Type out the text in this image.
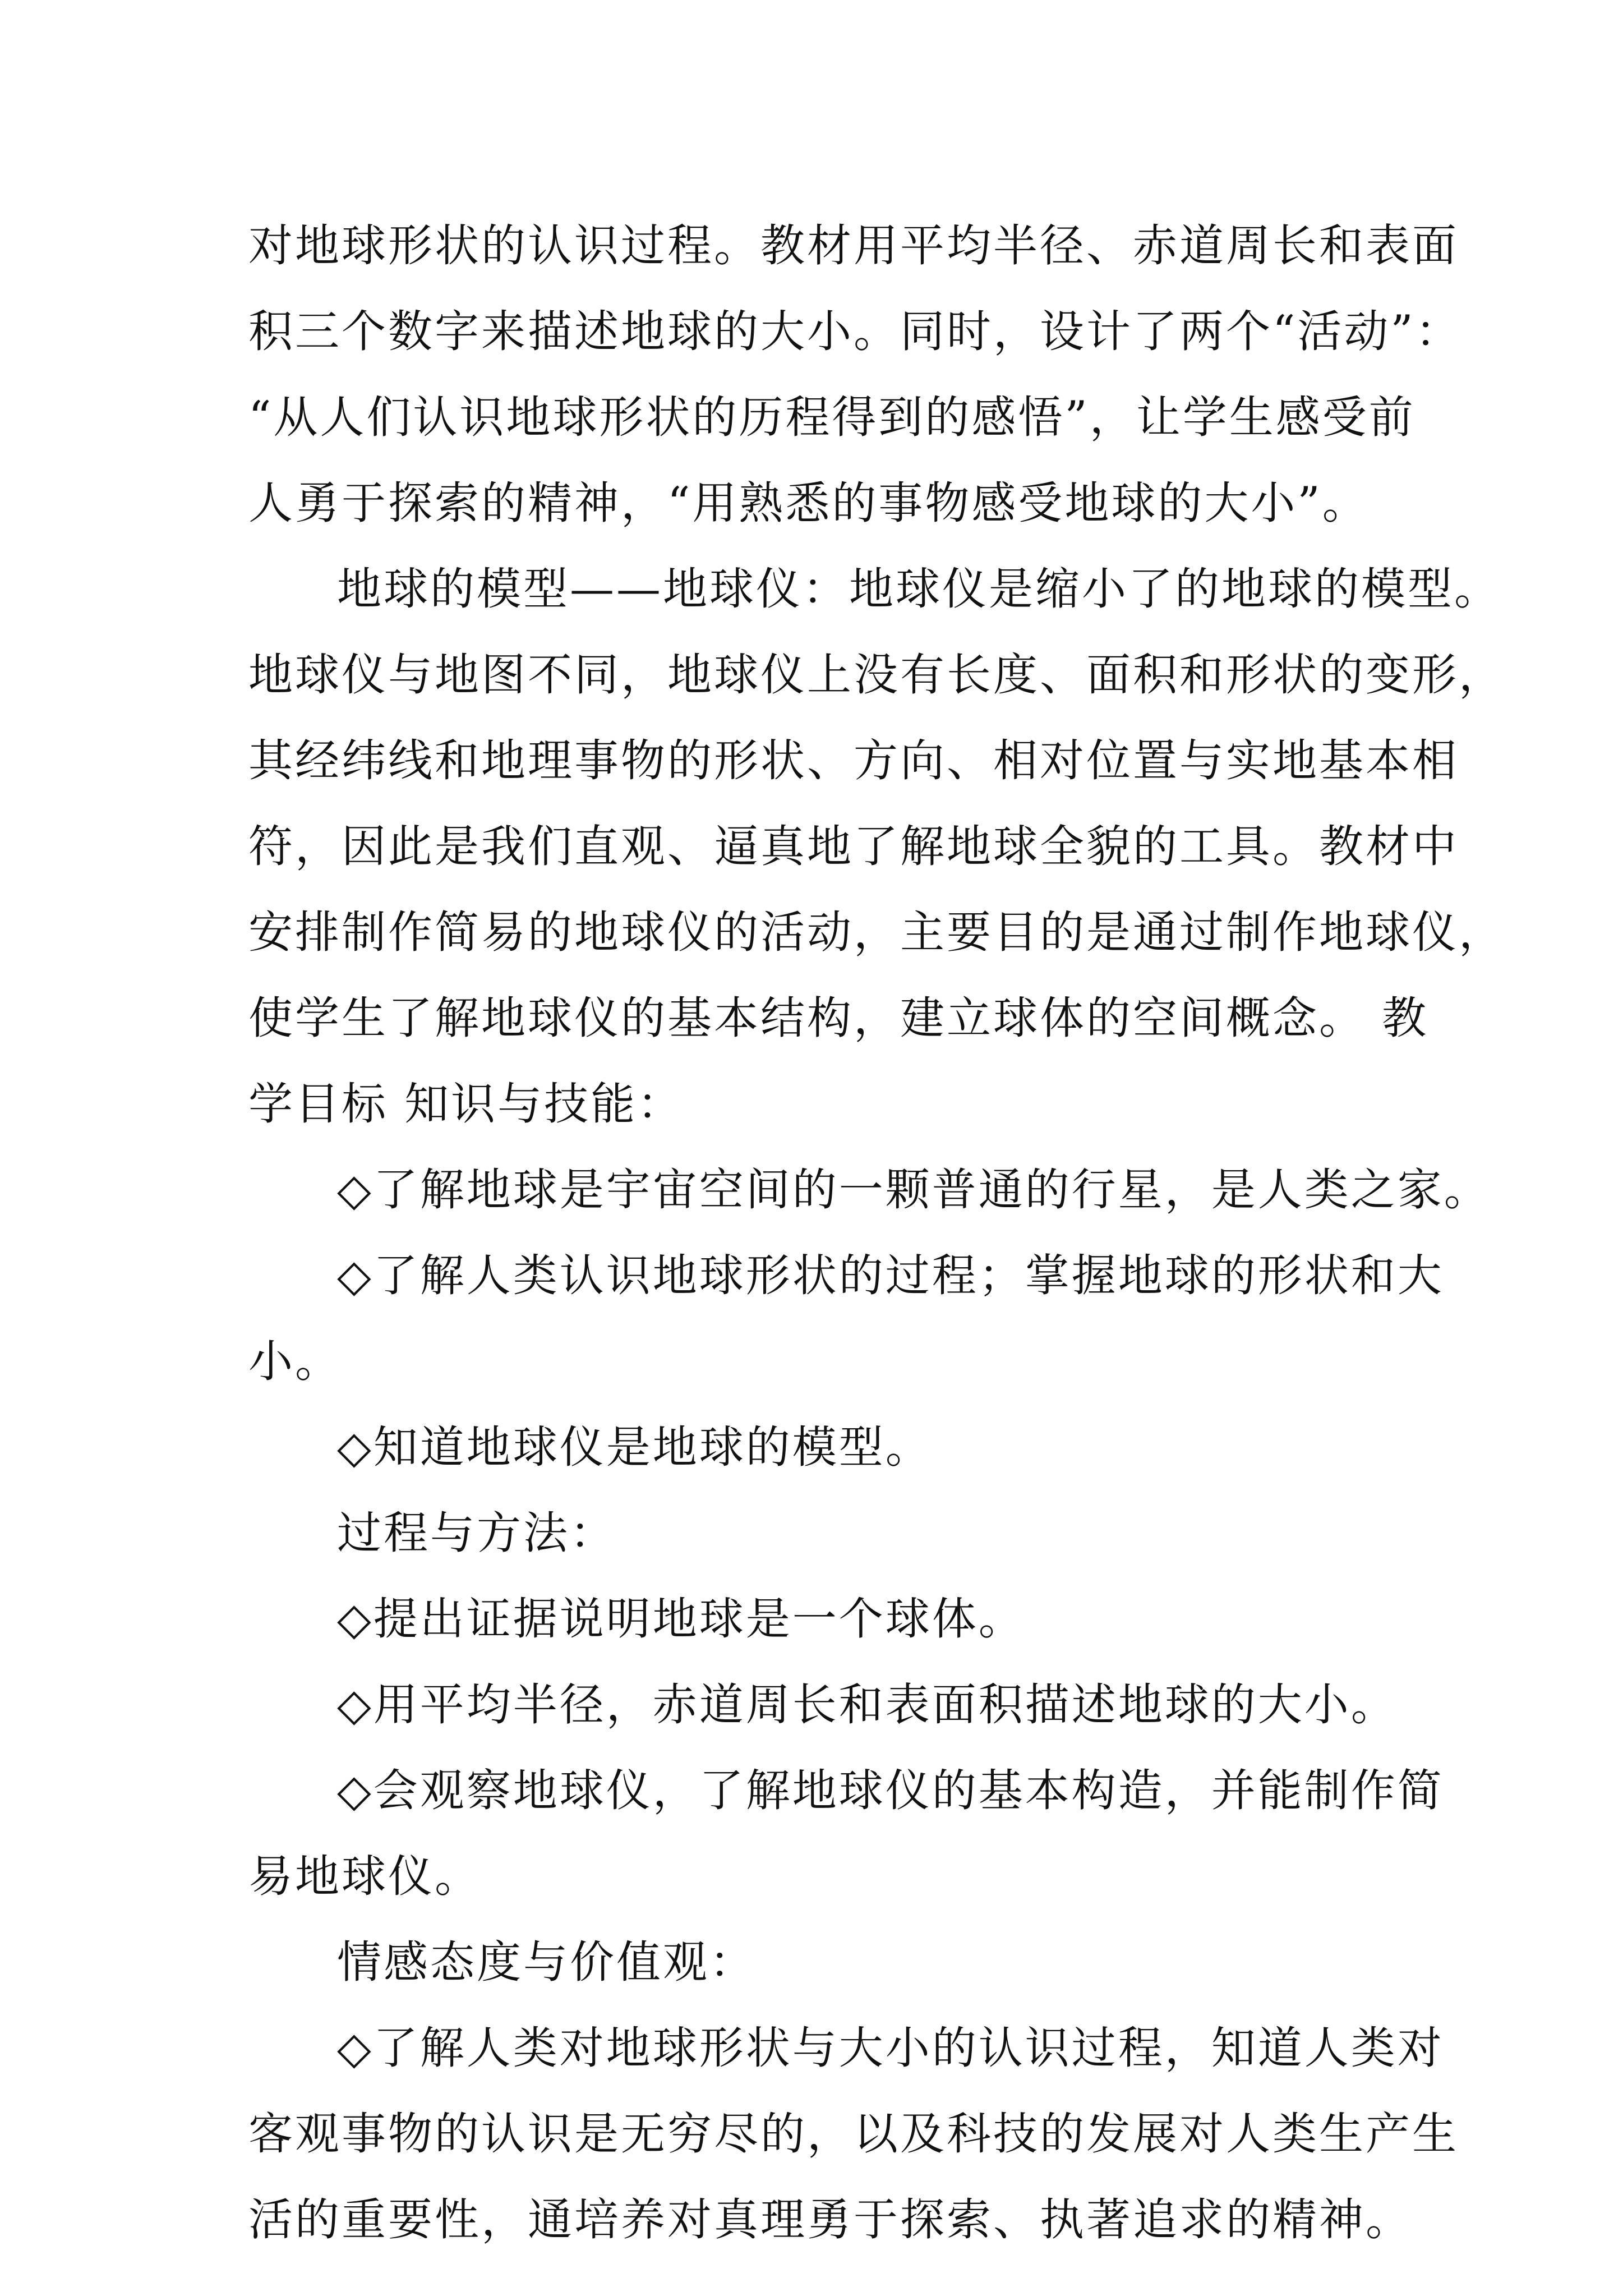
对地球形状的认识过程。教材用平均半径、赤道周长和表面
积三个数字来描述地球的大小。同时，设计了两个“活动”：
“从人们认识地球形状的历程得到的感悟”，让学生感受前
人勇于探索的精神，“用熟悉的事物感受地球的大小”。
地球的模型——地球仪：地球仪是缩小了的地球的模型。
地球仪与地图不同，地球仪上没有长度、面积和形状的变形，
其经纬线和地理事物的形状、方向、相对位置与实地基本相
符，因此是我们直观、逼真地了解地球全貌的工具。教材中
安排制作简易的地球仪的活动，主要目的是通过制作地球仪，
使学生了解地球仪的基本结构，建立球体的空间概念。 教
学目标 知识与技能：
◇了解地球是宇宙空间的一颗普通的行星，是人类之家。
◇了解人类认识地球形状的过程；掌握地球的形状和大
小。
◇知道地球仪是地球的模型。
过程与方法：
◇提出证据说明地球是一个球体。
◇用平均半径，赤道周长和表面积描述地球的大小。
◇会观察地球仪，了解地球仪的基本构造，并能制作简
易地球仪。
情感态度与价值观：
◇了解人类对地球形状与大小的认识过程，知道人类对
客观事物的认识是无穷尽的，以及科技的发展对人类生产生
活的重要性，通培养对真理勇于探索、执著追求的精神。
